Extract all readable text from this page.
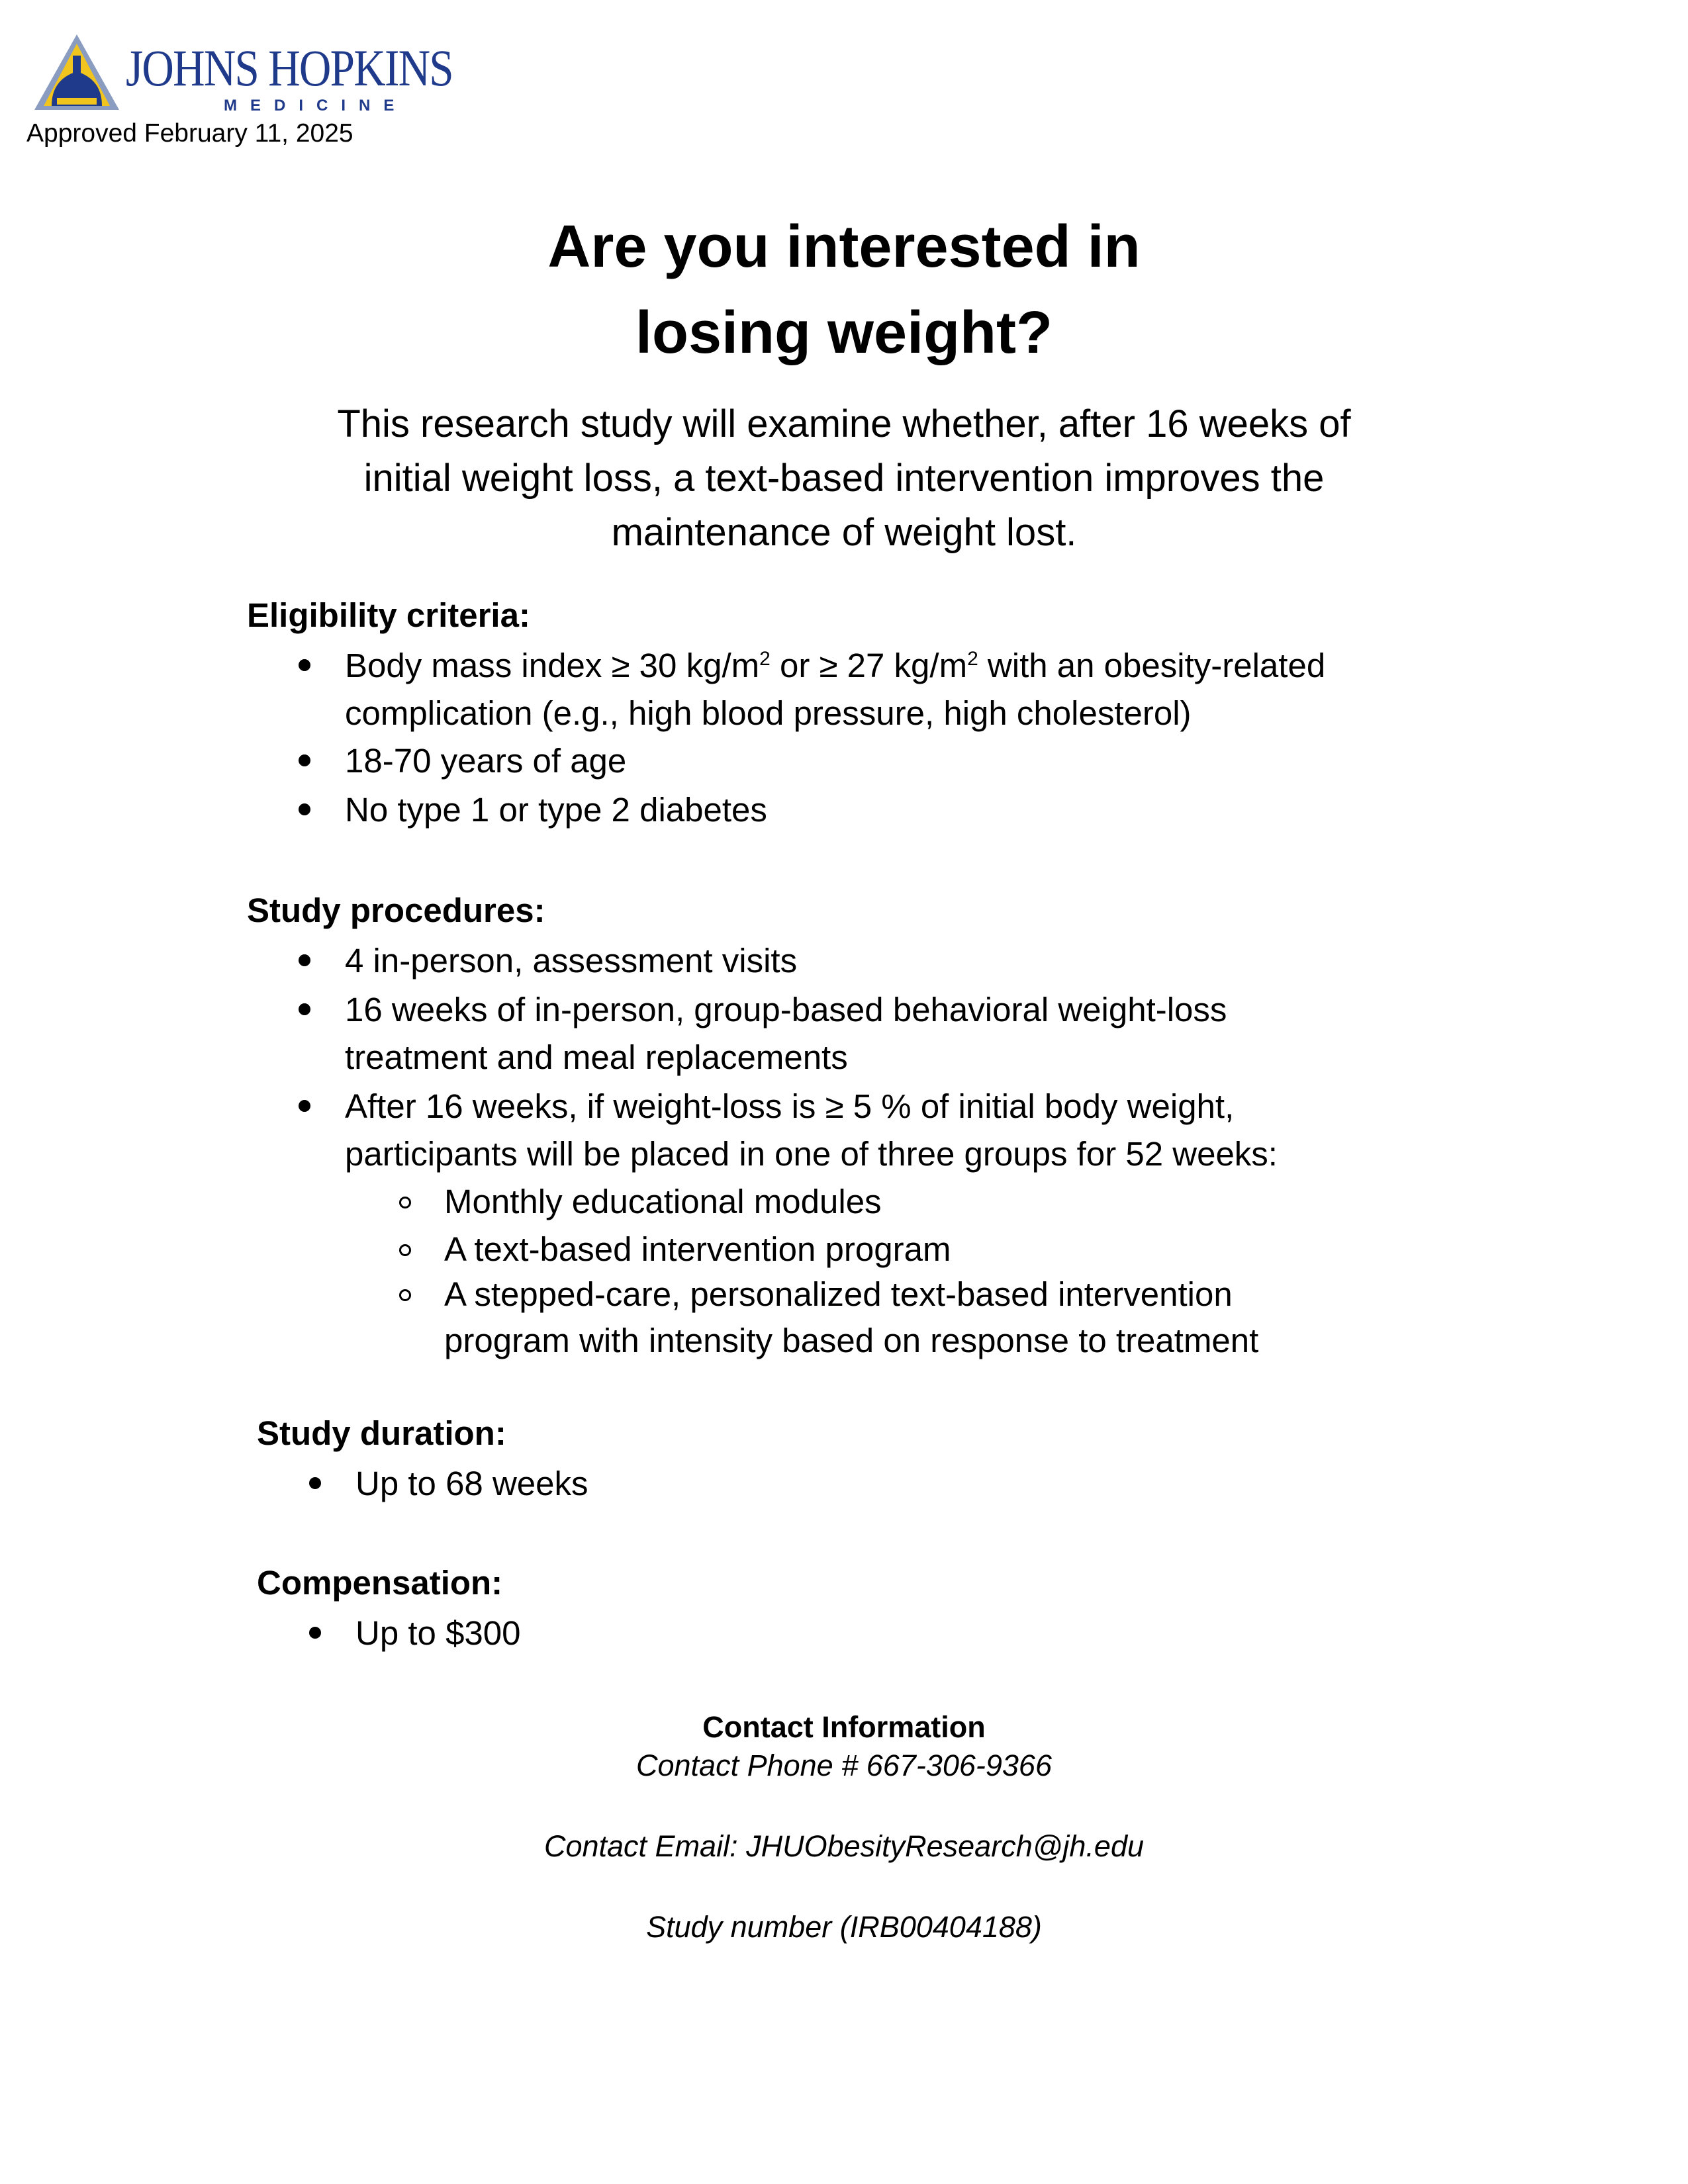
JOHNS HOPKINS
MEDICINE
Approved February 11, 2025
Are you interested in
losing weight?
This research study will examine whether, after 16 weeks of
initial weight loss, a text-based intervention improves the
maintenance of weight lost.
Eligibility criteria:
Body mass index ≥ 30 $kg/m^2$ or ≥ 27 $kg/m^2$ with an obesity-related
complication (e.g., high blood pressure, high cholesterol)
18-70 years of age
No type 1 or type 2 diabetes
Study procedures:
4 in-person, assessment visits
16 weeks of in-person, group-based behavioral weight-loss
treatment and meal replacements
After 16 weeks, if weight-loss is ≥ 5 % of initial body weight,
participants will be placed in one of three groups for 52 weeks:
Monthly educational modules
A text-based intervention program
A stepped-care, personalized text-based intervention
program with intensity based on response to treatment
Study duration:
Up to 68 weeks
Compensation:
Up to $300
Contact Information
Contact Phone # 667-306-9366
Contact Email: JHUObesityResearch@jh.edu
Study number (IRB00404188)
